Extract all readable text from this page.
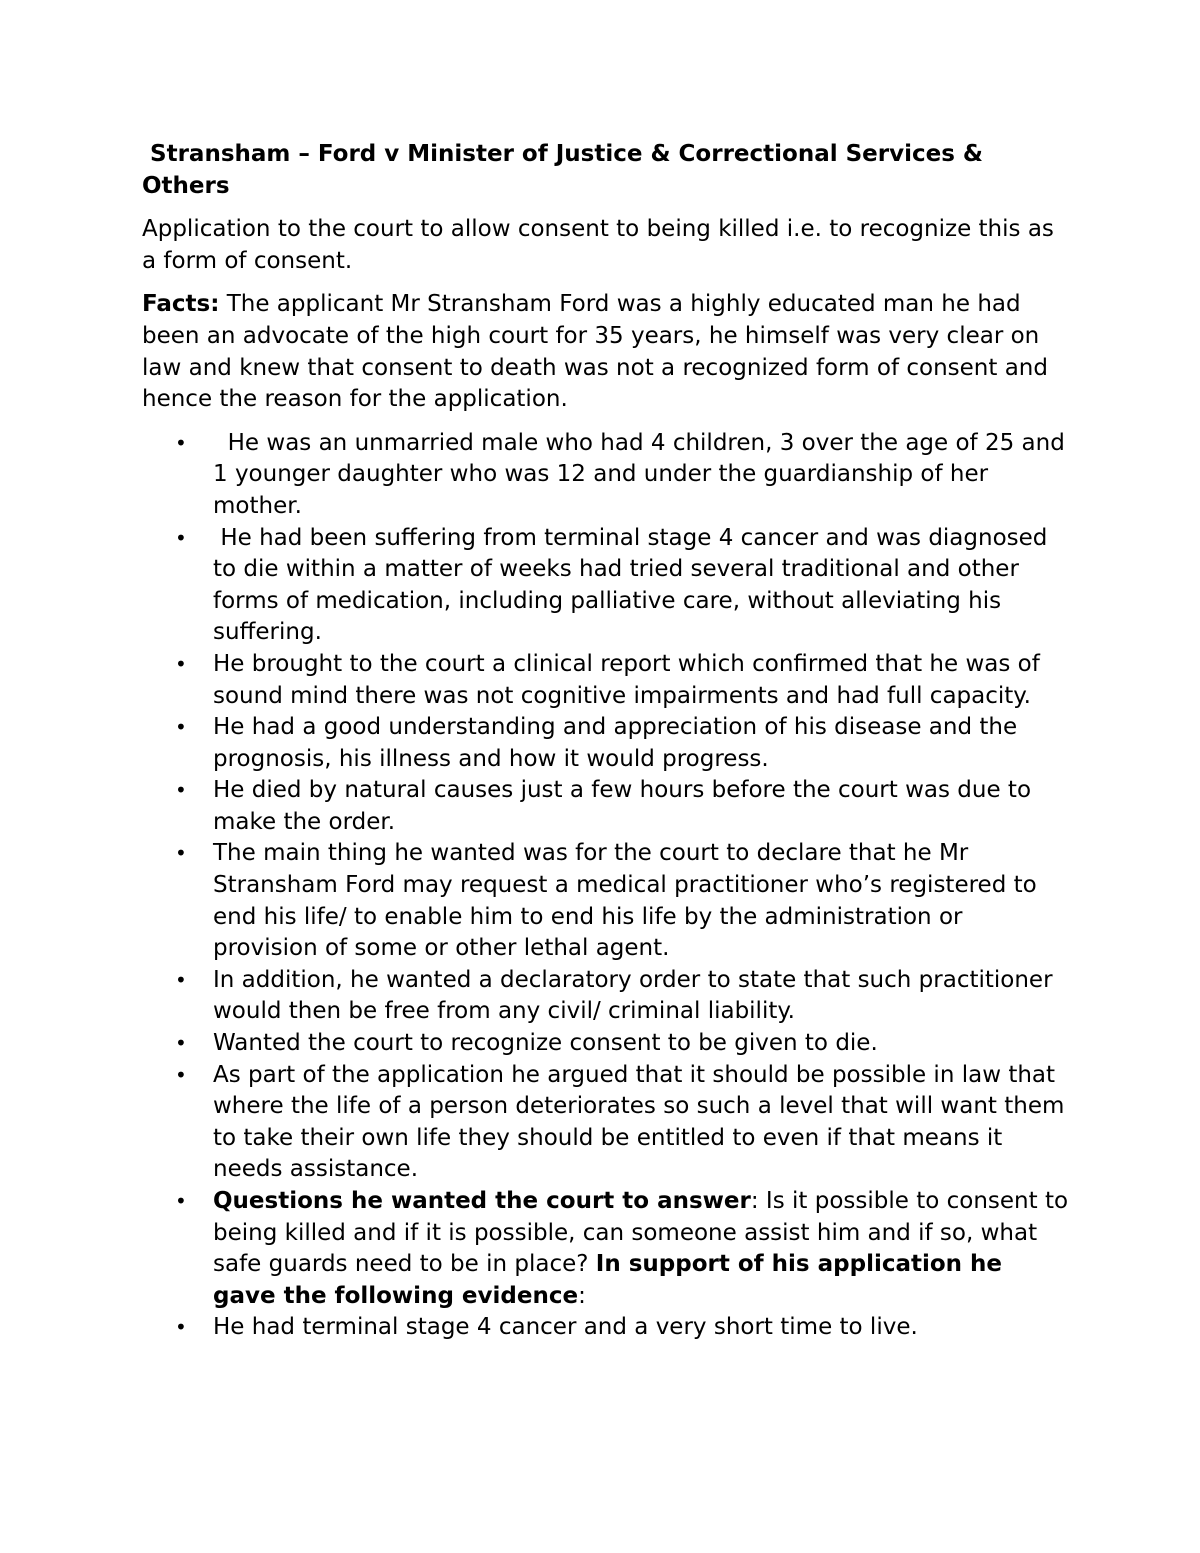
Stransham – Ford v Minister of Justice & Correctional Services & Others

Application to the court to allow consent to being killed i.e. to recognize this as a form of consent.

Facts: The applicant Mr Stransham Ford was a highly educated man he had been an advocate of the high court for 35 years, he himself was very clear on law and knew that consent to death was not a recognized form of consent and hence the reason for the application.

• He was an unmarried male who had 4 children, 3 over the age of 25 and 1 younger daughter who was 12 and under the guardianship of her mother.
• He had been suffering from terminal stage 4 cancer and was diagnosed to die within a matter of weeks had tried several traditional and other forms of medication, including palliative care, without alleviating his suffering.
• He brought to the court a clinical report which confirmed that he was of sound mind there was not cognitive impairments and had full capacity.
• He had a good understanding and appreciation of his disease and the prognosis, his illness and how it would progress.
• He died by natural causes just a few hours before the court was due to make the order.
• The main thing he wanted was for the court to declare that he Mr Stransham Ford may request a medical practitioner who’s registered to end his life/ to enable him to end his life by the administration or provision of some or other lethal agent.
• In addition, he wanted a declaratory order to state that such practitioner would then be free from any civil/ criminal liability.
• Wanted the court to recognize consent to be given to die.
• As part of the application he argued that it should be possible in law that where the life of a person deteriorates so such a level that will want them to take their own life they should be entitled to even if that means it needs assistance.
• Questions he wanted the court to answer: Is it possible to consent to being killed and if it is possible, can someone assist him and if so, what safe guards need to be in place? In support of his application he gave the following evidence:
• He had terminal stage 4 cancer and a very short time to live.
